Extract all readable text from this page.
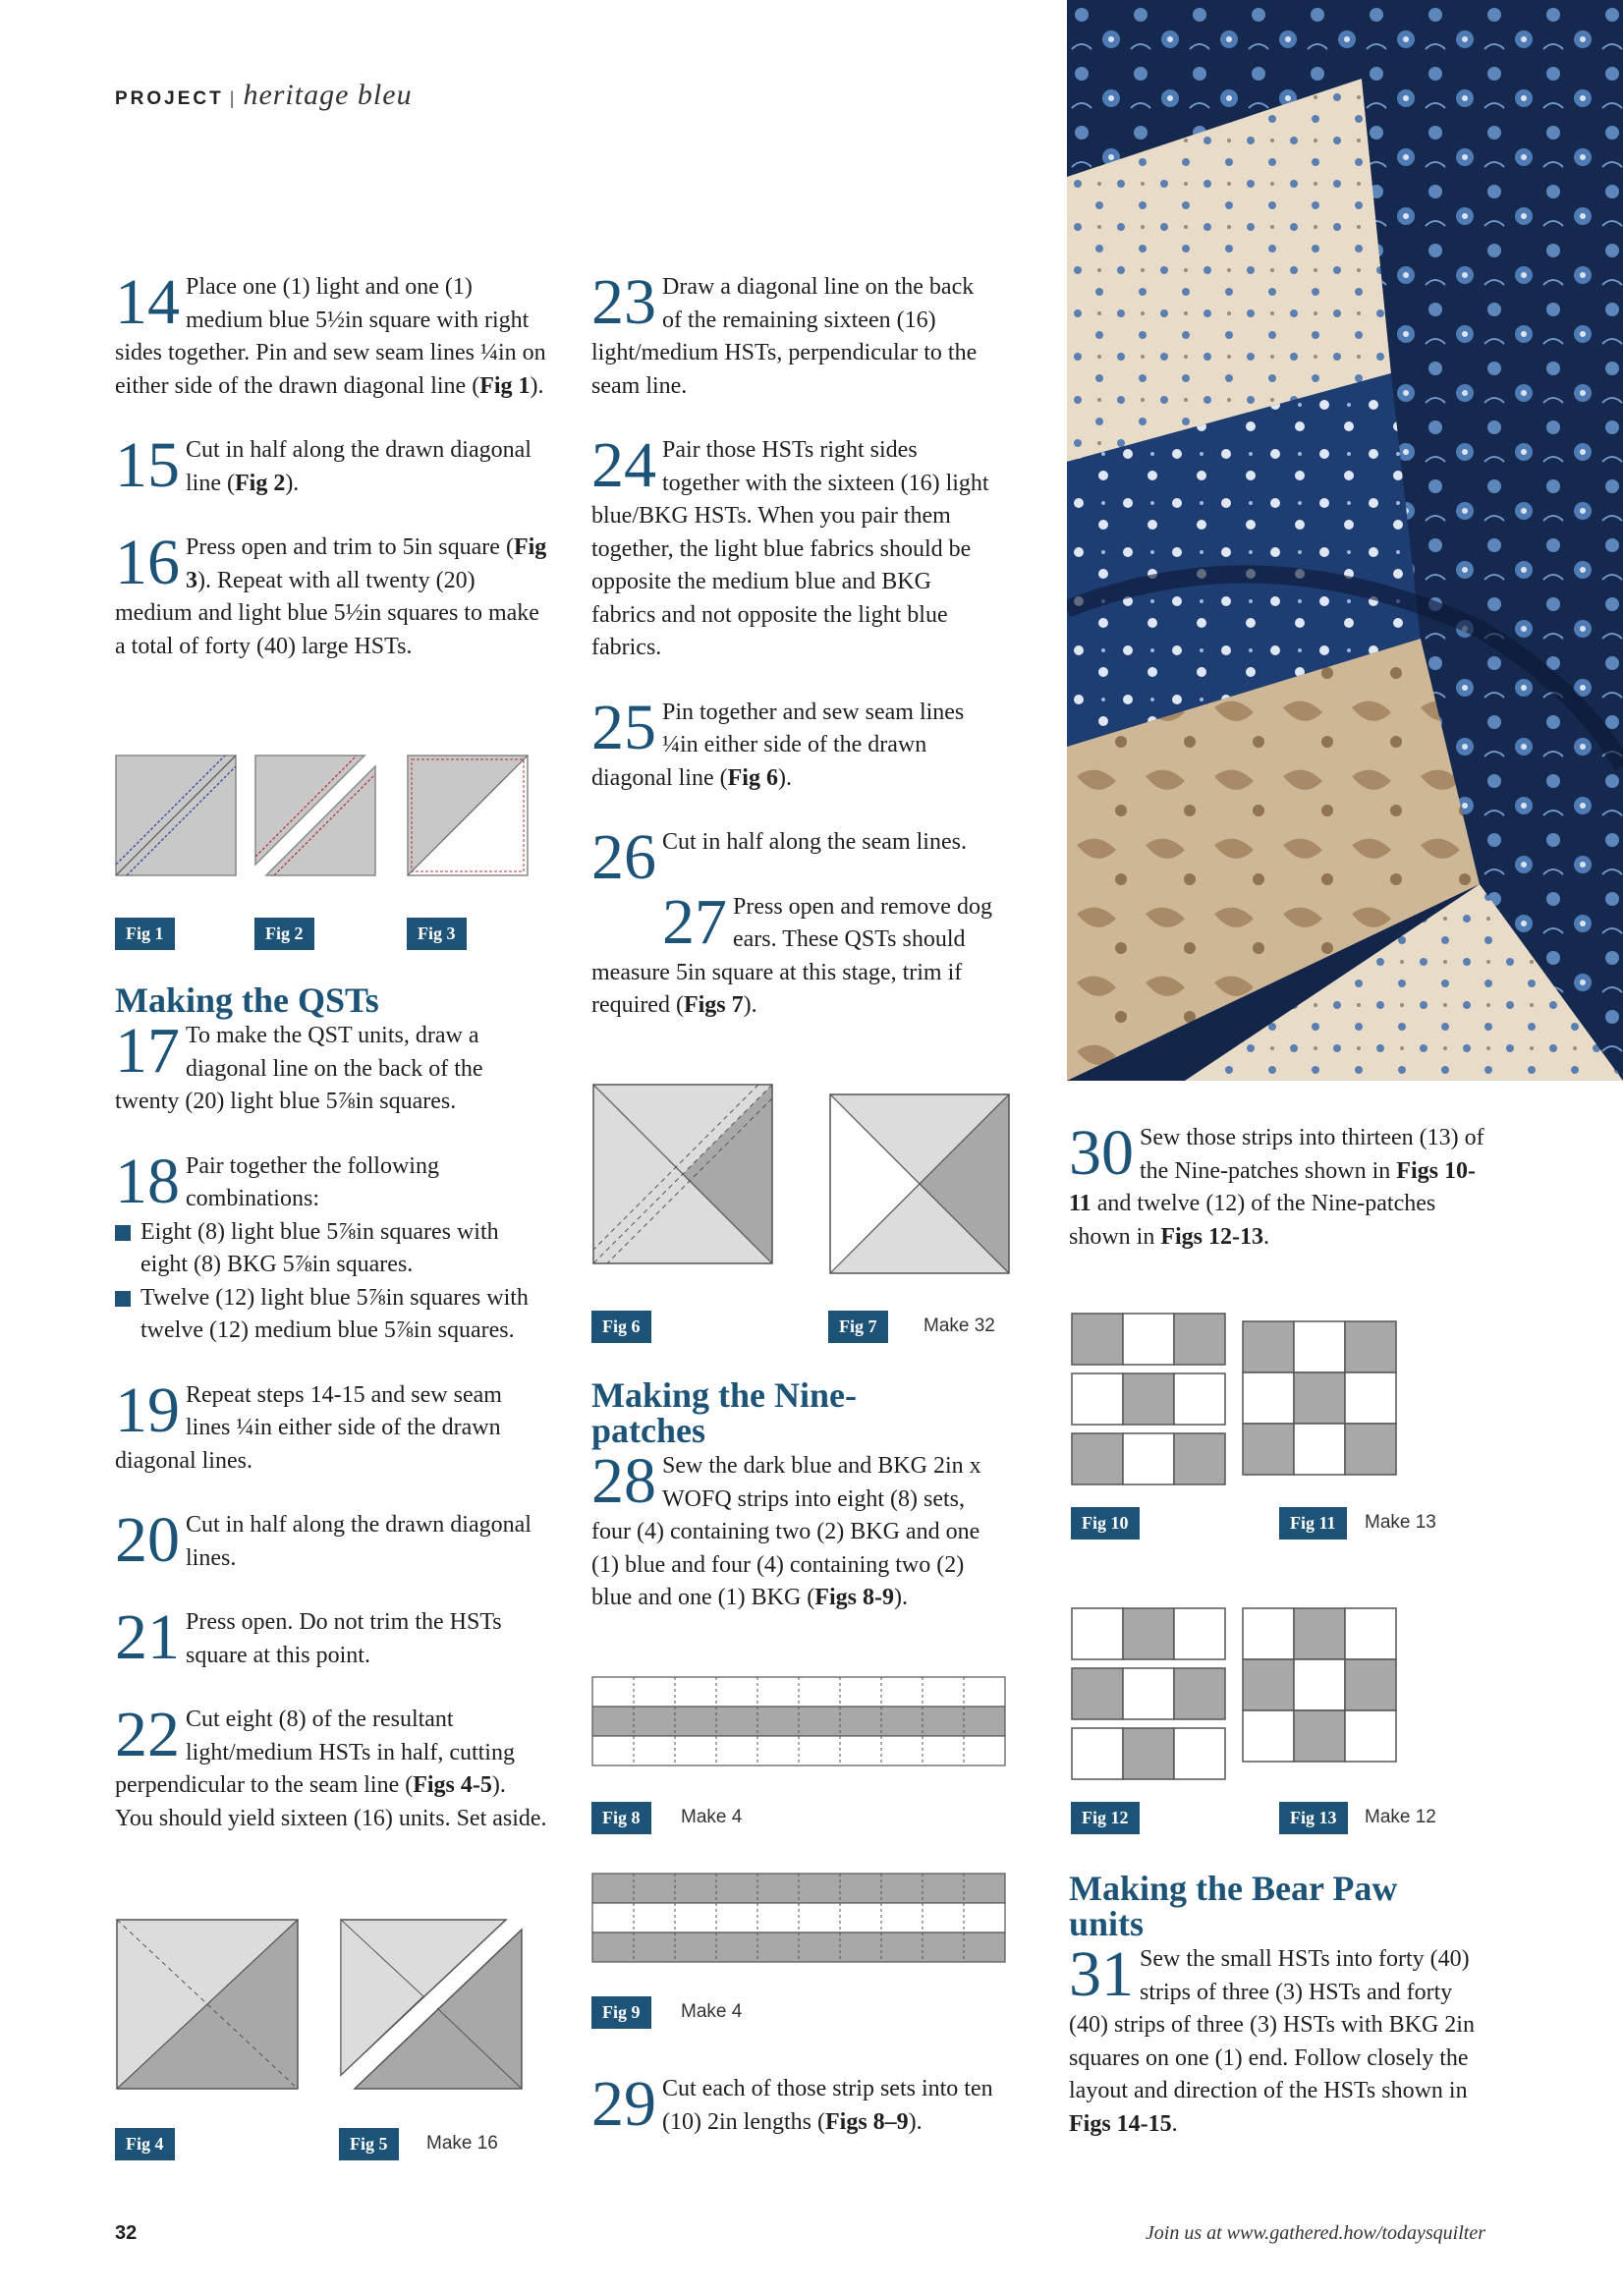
PROJECT | heritage bleu
14 Place one (1) light and one (1) medium blue 5½in square with right sides together. Pin and sew seam lines ¼in on either side of the drawn diagonal line (Fig 1).
15 Cut in half along the drawn diagonal line (Fig 2).
16 Press open and trim to 5in square (Fig 3). Repeat with all twenty (20) medium and light blue 5½in squares to make a total of forty (40) large HSTs.
Fig 1	Fig 2	Fig 3
Making the QSTs
17 To make the QST units, draw a diagonal line on the back of the twenty (20) light blue 5⅞in squares.
18 Pair together the following combinations:
Eight (8) light blue 5⅞in squares with eight (8) BKG 5⅞in squares.
Twelve (12) light blue 5⅞in squares with twelve (12) medium blue 5⅞in squares.
19 Repeat steps 14-15 and sew seam lines ¼in either side of the drawn diagonal lines.
20 Cut in half along the drawn diagonal lines.
21 Press open. Do not trim the HSTs square at this point.
22 Cut eight (8) of the resultant light/medium HSTs in half, cutting perpendicular to the seam line (Figs 4-5). You should yield sixteen (16) units. Set aside.
Fig 4	Fig 5	Make 16
23 Draw a diagonal line on the back of the remaining sixteen (16) light/medium HSTs, perpendicular to the seam line.
24 Pair those HSTs right sides together with the sixteen (16) light blue/BKG HSTs. When you pair them together, the light blue fabrics should be opposite the medium blue and BKG fabrics and not opposite the light blue fabrics.
25 Pin together and sew seam lines ¼in either side of the drawn diagonal line (Fig 6).
26 Cut in half along the seam lines.
27 Press open and remove dog ears. These QSTs should measure 5in square at this stage, trim if required (Figs 7).
Fig 6	Fig 7	Make 32
Making the Nine-patches
28 Sew the dark blue and BKG 2in x WOFQ strips into eight (8) sets, four (4) containing two (2) BKG and one (1) blue and four (4) containing two (2) blue and one (1) BKG (Figs 8-9).
Fig 8	Make 4
Fig 9	Make 4
29 Cut each of those strip sets into ten (10) 2in lengths (Figs 8–9).
30 Sew those strips into thirteen (13) of the Nine-patches shown in Figs 10-11 and twelve (12) of the Nine-patches shown in Figs 12-13.
Fig 10	Fig 11	Make 13
Fig 12	Fig 13	Make 12
Making the Bear Paw units
31 Sew the small HSTs into forty (40) strips of three (3) HSTs and forty (40) strips of three (3) HSTs with BKG 2in squares on one (1) end. Follow closely the layout and direction of the HSTs shown in Figs 14-15.
32	Join us at www.gathered.how/todaysquilter
